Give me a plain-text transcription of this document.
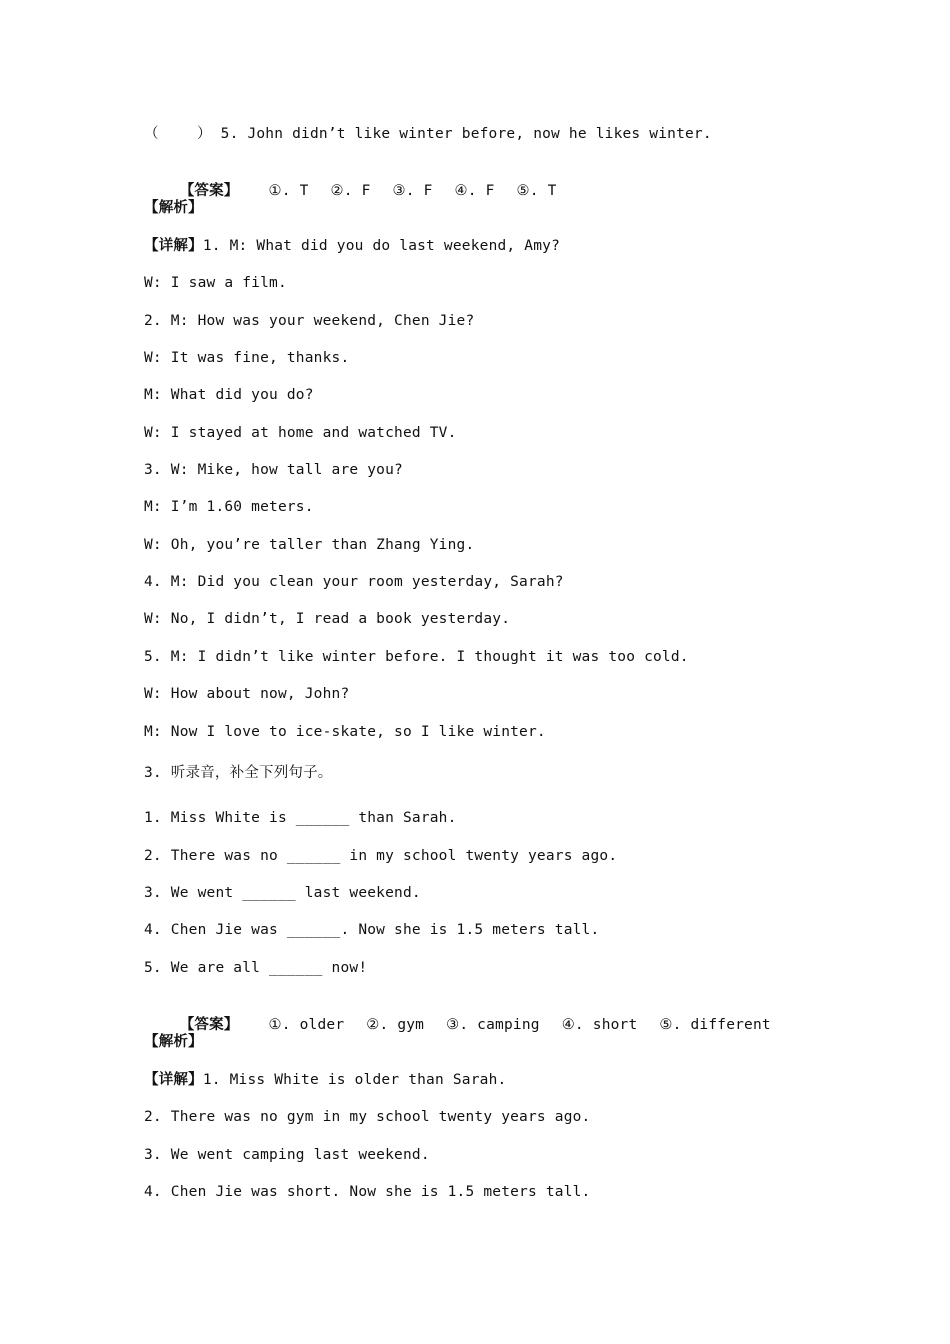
（　　 ） 5. John didn’t like winter before, now he likes winter.

【答案】 ①. T ②. F ③. F ④. F ⑤. T

【解析】
【详解】1. M: What did you do last weekend, Amy?
W: I saw a film.
2. M: How was your weekend, Chen Jie?
W: It was fine, thanks.
M: What did you do?
W: I stayed at home and watched TV.
3. W: Mike, how tall are you?
M: I’m 1.60 meters.
W: Oh, you’re taller than Zhang Ying.
4. M: Did you clean your room yesterday, Sarah?
W: No, I didn’t, I read a book yesterday.
5. M: I didn’t like winter before. I thought it was too cold.
W: How about now, John?
M: Now I love to ice-skate, so I like winter.
3. 听录音，补全下列句子。
1. Miss White is ______ than Sarah.
2. There was no ______ in my school twenty years ago.
3. We went ______ last weekend.
4. Chen Jie was ______. Now she is 1.5 meters tall.
5. We are all ______ now!

【答案】 ①. older ②. gym ③. camping ④. short ⑤. different

【解析】
【详解】1. Miss White is older than Sarah.
2. There was no gym in my school twenty years ago.
3. We went camping last weekend.
4. Chen Jie was short. Now she is 1.5 meters tall.
